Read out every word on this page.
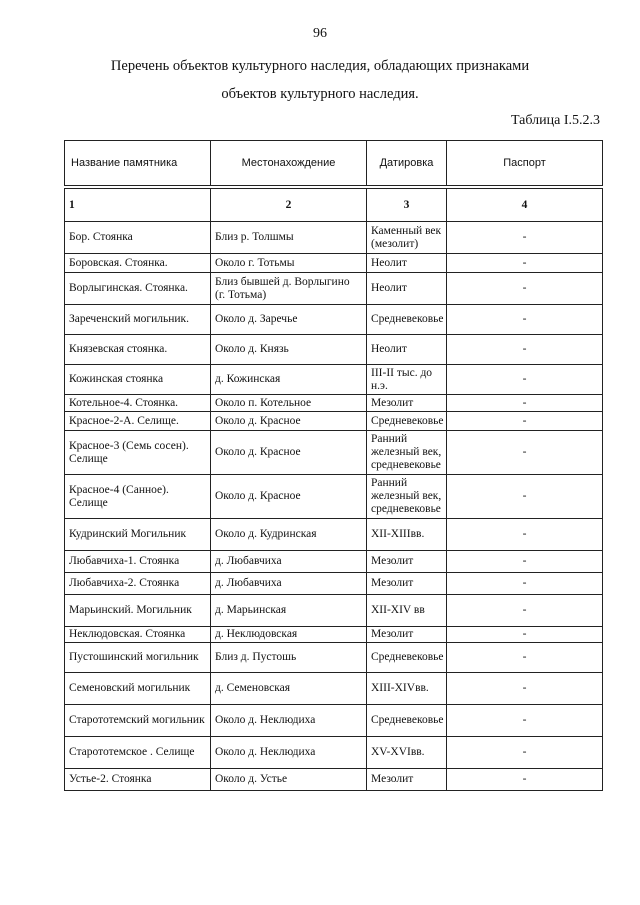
96
Перечень объектов культурного наследия, обладающих признаками
объектов культурного наследия.
Таблица I.5.2.3
Название памятника	Местонахождение	Датировка	Паспорт
1	2	3	4
Бор. Стоянка	Близ р. Толшмы	Каменный век (мезолит)	-
Боровская. Стоянка.	Около г. Тотьмы	Неолит	-
Ворлыгинская. Стоянка.	Близ бывшей д. Ворлыгино (г. Тотьма)	Неолит	-
Зареченский могильник.	Около д. Заречье	Средневековье	-
Князевская стоянка.	Около д. Князь	Неолит	-
Кожинская стоянка	д. Кожинская	III-II тыс. до н.э.	-
Котельное-4. Стоянка.	Около п. Котельное	Мезолит	-
Красное-2-А. Селище.	Около д. Красное	Средневековье	-
Красное-3 (Семь сосен). Селище	Около д. Красное	Ранний железный век, средневековье	-
Красное-4 (Санное). Селище	Около д. Красное	Ранний железный век, средневековье	-
Кудринский Могильник	Около д. Кудринская	XII-XIIIвв.	-
Любавчиха-1. Стоянка	д. Любавчиха	Мезолит	-
Любавчиха-2. Стоянка	д. Любавчиха	Мезолит	-
Марьинский. Могильник	д. Марьинская	XII-XIV вв	-
Неклюдовская. Стоянка	д. Неклюдовская	Мезолит	-
Пустошинский могильник	Близ д. Пустошь	Средневековье	-
Семеновский могильник	д. Семеновская	XIII-XIVвв.	-
Старототемский могильник	Около д. Неклюдиха	Средневековье	-
Старототемское . Селище	Около д. Неклюдиха	XV-XVIвв.	-
Устье-2. Стоянка	Около д. Устье	Мезолит	-
